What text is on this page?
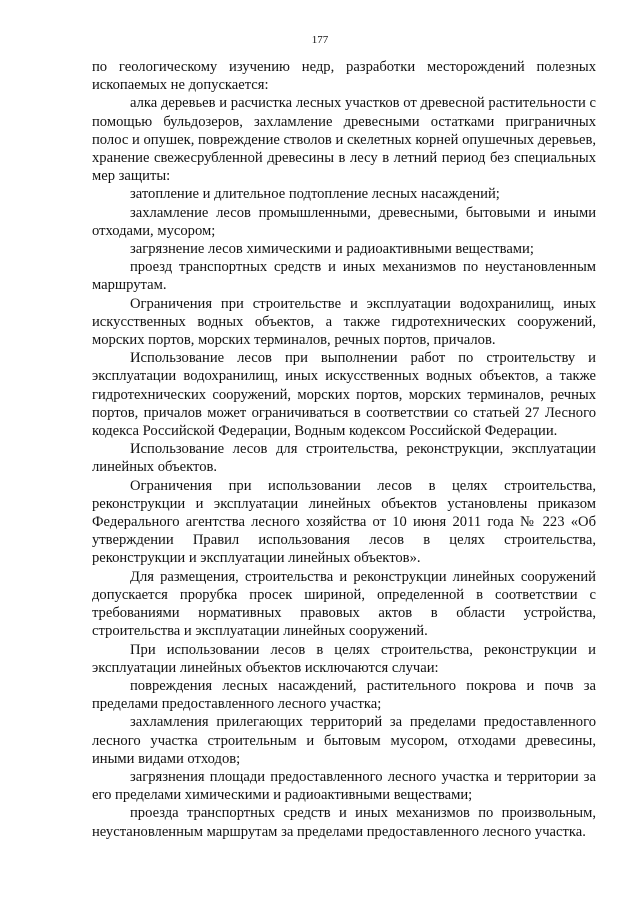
177

по геологическому изучению недр, разработки месторождений полезных ископаемых не допускается:

алка деревьев и расчистка лесных участков от древесной растительности с помощью бульдозеров, захламление древесными остатками приграничных полос и опушек, повреждение стволов и скелетных корней опушечных деревьев, хранение свежесрубленной древесины в лесу в летний период без специальных мер защиты:

затопление и длительное подтопление лесных насаждений;

захламление лесов промышленными, древесными, бытовыми и иными отходами, мусором;

загрязнение лесов химическими и радиоактивными веществами;

проезд транспортных средств и иных механизмов по неустановленным маршрутам.

Ограничения при строительстве и эксплуатации водохранилищ, иных искусственных водных объектов, а также гидротехнических сооружений, морских портов, морских терминалов, речных портов, причалов.

Использование лесов при выполнении работ по строительству и эксплуатации водохранилищ, иных искусственных водных объектов, а также гидротехнических сооружений, морских портов, морских терминалов, речных портов, причалов может ограничиваться в соответствии со статьей 27 Лесного кодекса Российской Федерации, Водным кодексом Российской Федерации.

Использование лесов для строительства, реконструкции, эксплуатации линейных объектов.

Ограничения при использовании лесов в целях строительства, реконструкции и эксплуатации линейных объектов установлены приказом Федерального агентства лесного хозяйства от 10 июня 2011 года № 223 «Об утверждении Правил использования лесов в целях строительства, реконструкции и эксплуатации линейных объектов».

Для размещения, строительства и реконструкции линейных сооружений допускается прорубка просек шириной, определенной в соответствии с требованиями нормативных правовых актов в области устройства, строительства и эксплуатации линейных сооружений.

При использовании лесов в целях строительства, реконструкции и эксплуатации линейных объектов исключаются случаи:

повреждения лесных насаждений, растительного покрова и почв за пределами предоставленного лесного участка;

захламления прилегающих территорий за пределами предоставленного лесного участка строительным и бытовым мусором, отходами древесины, иными видами отходов;

загрязнения площади предоставленного лесного участка и территории за его пределами химическими и радиоактивными веществами;

проезда транспортных средств и иных механизмов по произвольным, неустановленным маршрутам за пределами предоставленного лесного участка.
